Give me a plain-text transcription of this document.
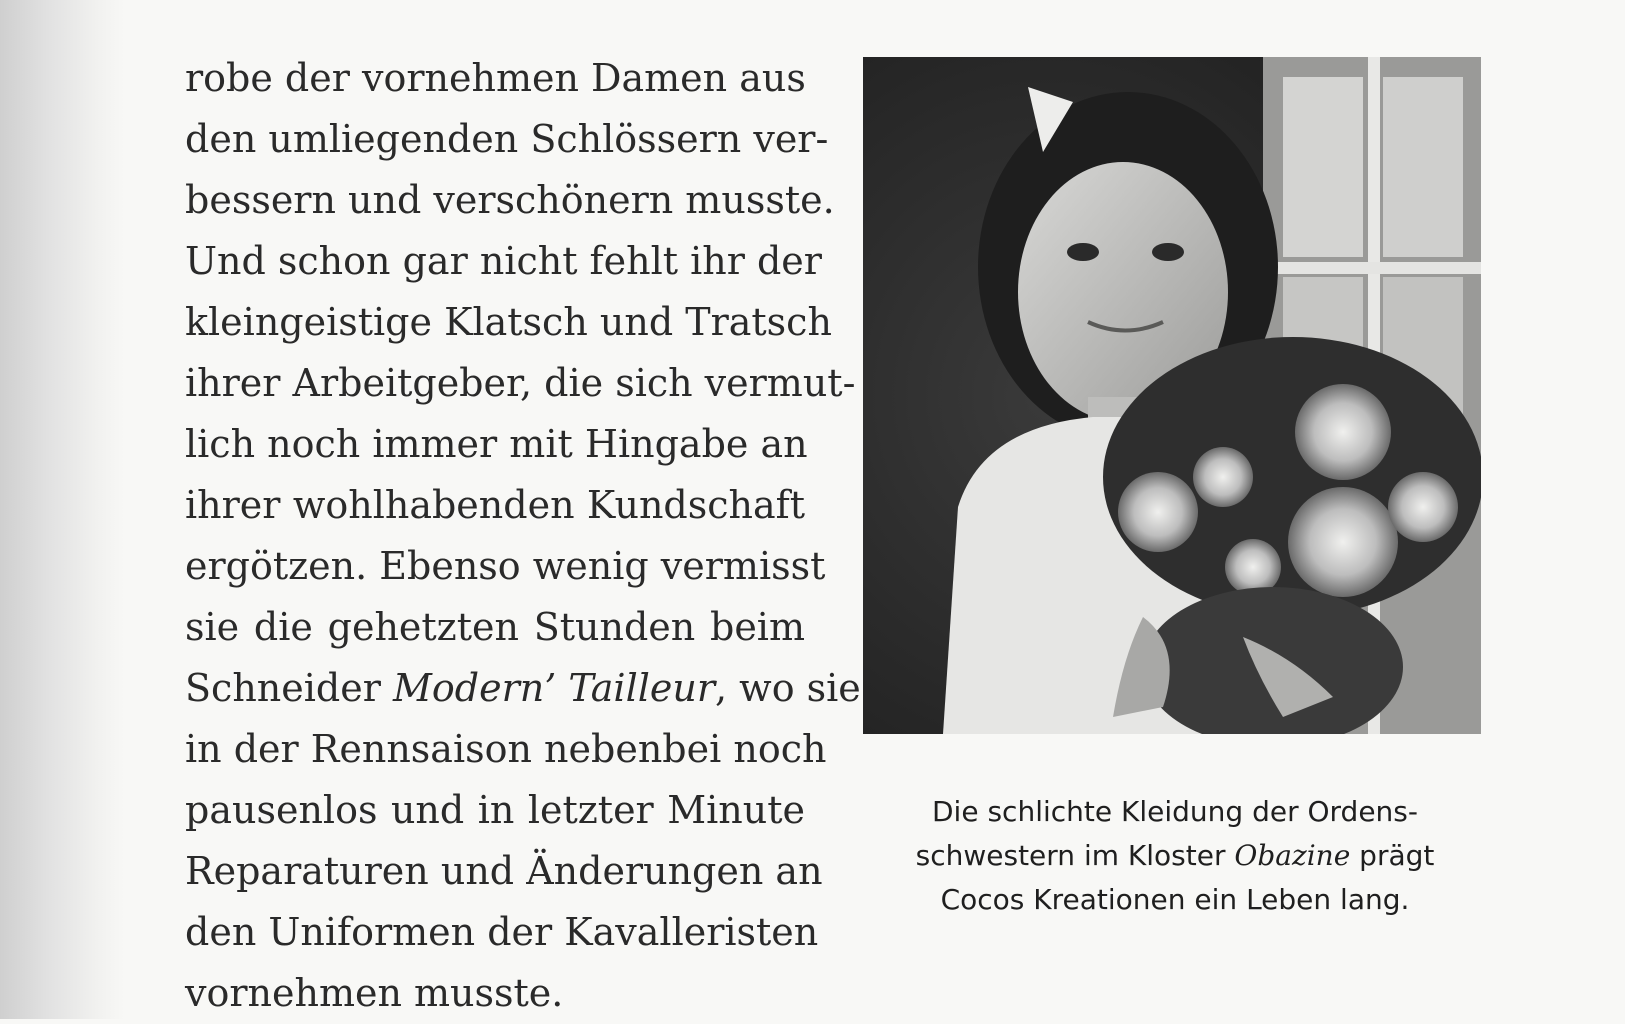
robe der vornehmen Damen aus
den umliegenden Schlössern ver-
bessern und verschönern musste.
Und schon gar nicht fehlt ihr der
kleingeistige Klatsch und Tratsch
ihrer Arbeitgeber, die sich vermut-
lich noch immer mit Hingabe an
ihrer wohlhabenden Kundschaft
ergötzen. Ebenso wenig vermisst
sie die gehetzten Stunden beim
Schneider Modern’ Tailleur, wo sie
in der Rennsaison nebenbei noch
pausenlos und in letzter Minute
Reparaturen und Änderungen an
den Uniformen der Kavalleristen
vornehmen musste.
Die schlichte Kleidung der Ordens-
schwestern im Kloster Obazine prägt
Cocos Kreationen ein Leben lang.
